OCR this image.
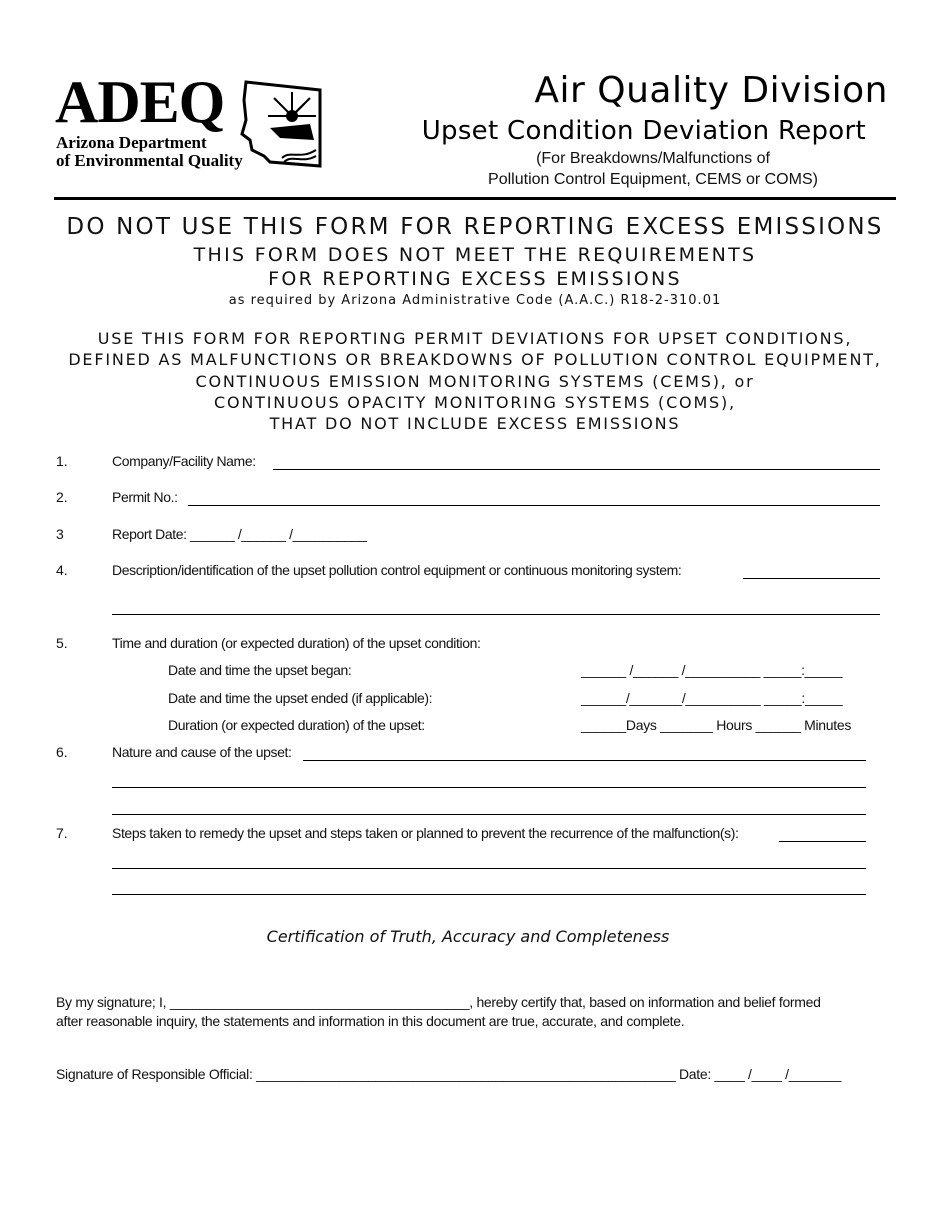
ADEQ
Arizona Department
of Environmental Quality
Air Quality Division
Upset Condition Deviation Report
(For Breakdowns/Malfunctions of
Pollution Control Equipment, CEMS or COMS)
DO NOT USE THIS FORM FOR REPORTING EXCESS EMISSIONS
THIS FORM DOES NOT MEET THE REQUIREMENTS
FOR REPORTING EXCESS EMISSIONS
as required by Arizona Administrative Code (A.A.C.) R18-2-310.01
USE THIS FORM FOR REPORTING PERMIT DEVIATIONS FOR UPSET CONDITIONS,
DEFINED AS MALFUNCTIONS OR BREAKDOWNS OF POLLUTION CONTROL EQUIPMENT,
CONTINUOUS EMISSION MONITORING SYSTEMS (CEMS), or
CONTINUOUS OPACITY MONITORING SYSTEMS (COMS),
THAT DO NOT INCLUDE EXCESS EMISSIONS
1.	Company/Facility Name:
2.	Permit No.:
3	Report Date: ______ /______ /__________
4.	Description/identification of the upset pollution control equipment or continuous monitoring system:
5.	Time and duration (or expected duration) of the upset condition:
Date and time the upset began:	______ /______ /__________ _____:_____
Date and time the upset ended (if applicable):	______/_______/__________ _____:_____
Duration (or expected duration) of the upset:	______Days _______ Hours ______ Minutes
6.	Nature and cause of the upset:
7.	Steps taken to remedy the upset and steps taken or planned to prevent the recurrence of the malfunction(s):
Certification of Truth, Accuracy and Completeness
By my signature; I, ________________________________________, hereby certify that, based on information and belief formed
after reasonable inquiry, the statements and information in this document are true, accurate, and complete.
Signature of Responsible Official: ________________________________________________________ Date: ____ /____ /_______
